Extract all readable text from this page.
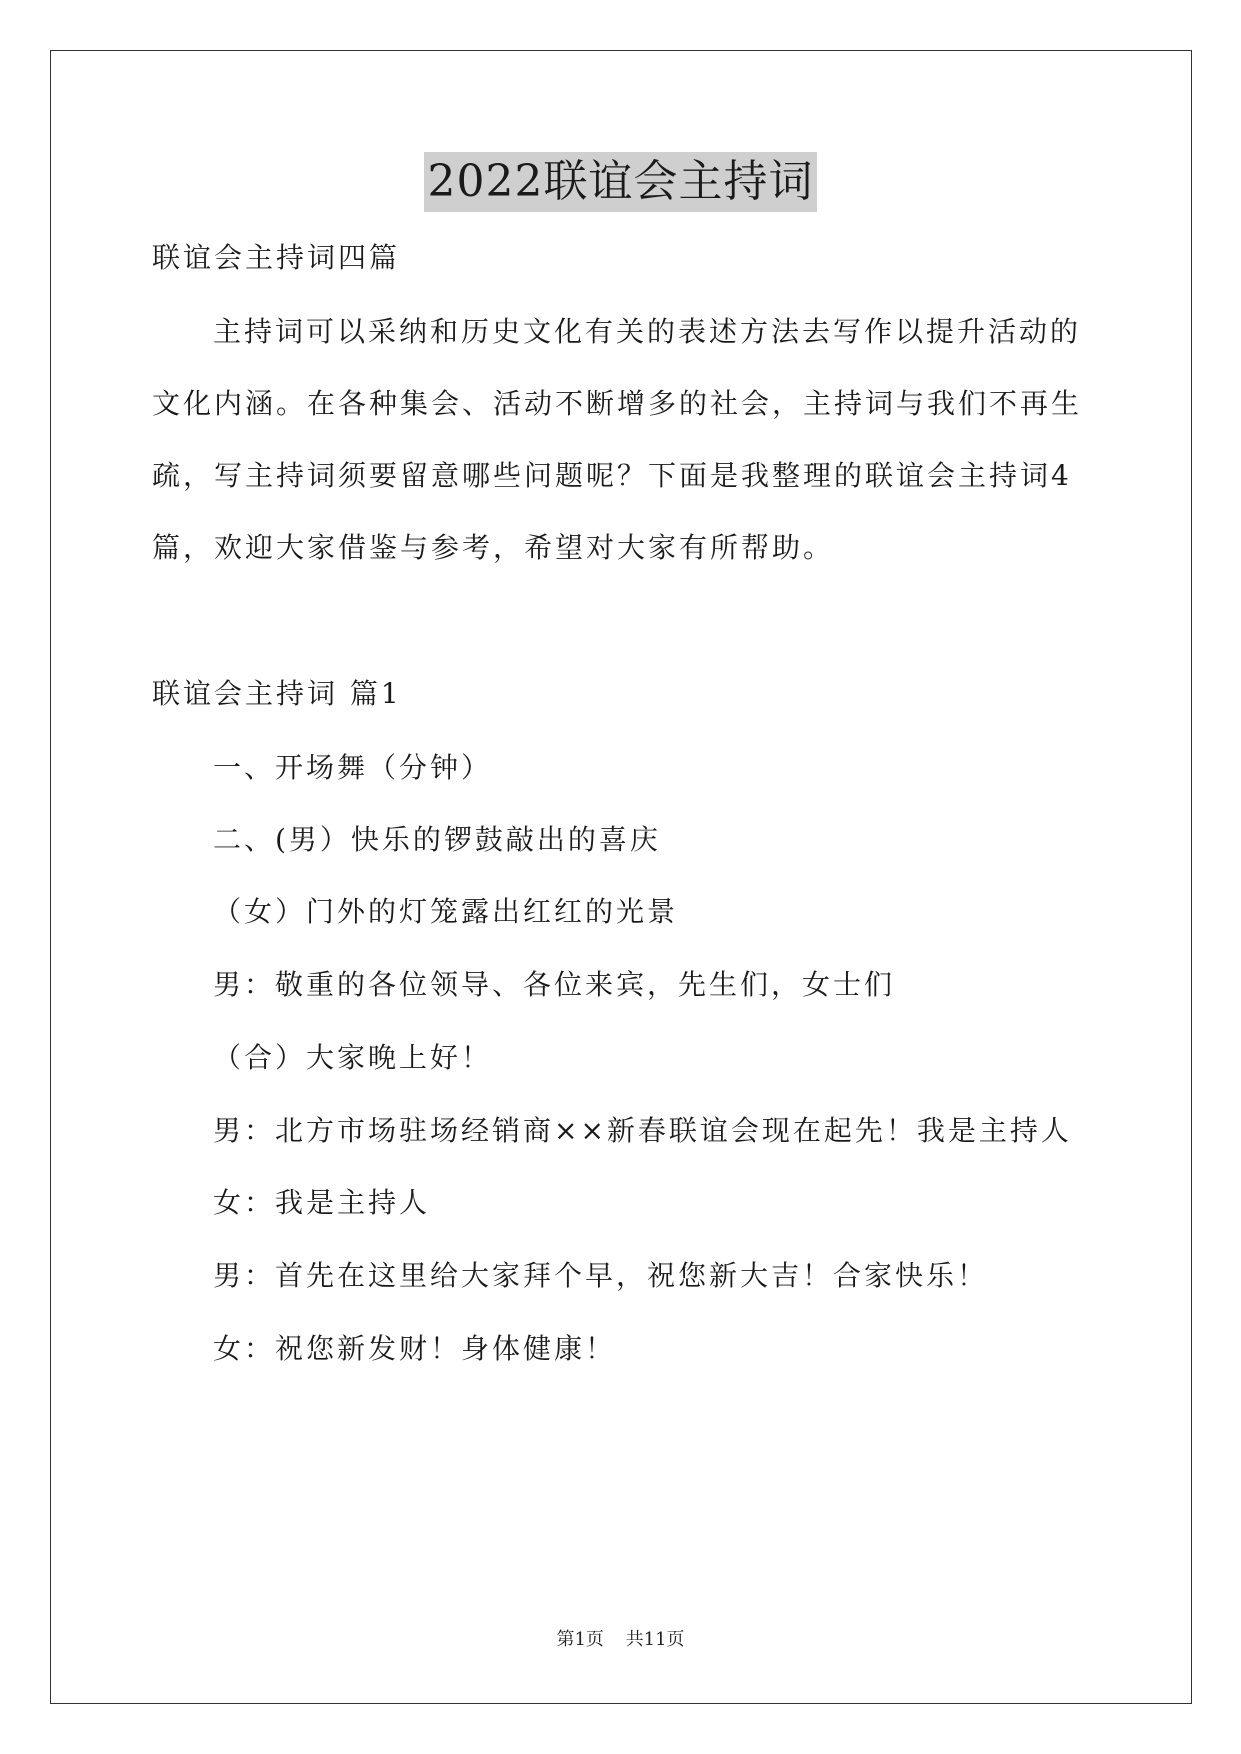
2022联谊会主持词
联谊会主持词四篇
主持词可以采纳和历史文化有关的表述方法去写作以提升活动的
文化内涵。在各种集会、活动不断增多的社会，主持词与我们不再生
疏，写主持词须要留意哪些问题呢？下面是我整理的联谊会主持词4
篇，欢迎大家借鉴与参考，希望对大家有所帮助。
联谊会主持词 篇1
一、开场舞（分钟）
二、(男）快乐的锣鼓敲出的喜庆
（女）门外的灯笼露出红红的光景
男：敬重的各位领导、各位来宾，先生们，女士们
（合）大家晚上好！
男：北方市场驻场经销商××新春联谊会现在起先！我是主持人
女：我是主持人
男：首先在这里给大家拜个早，祝您新大吉！合家快乐！
女：祝您新发财！身体健康！
第1页 共11页
